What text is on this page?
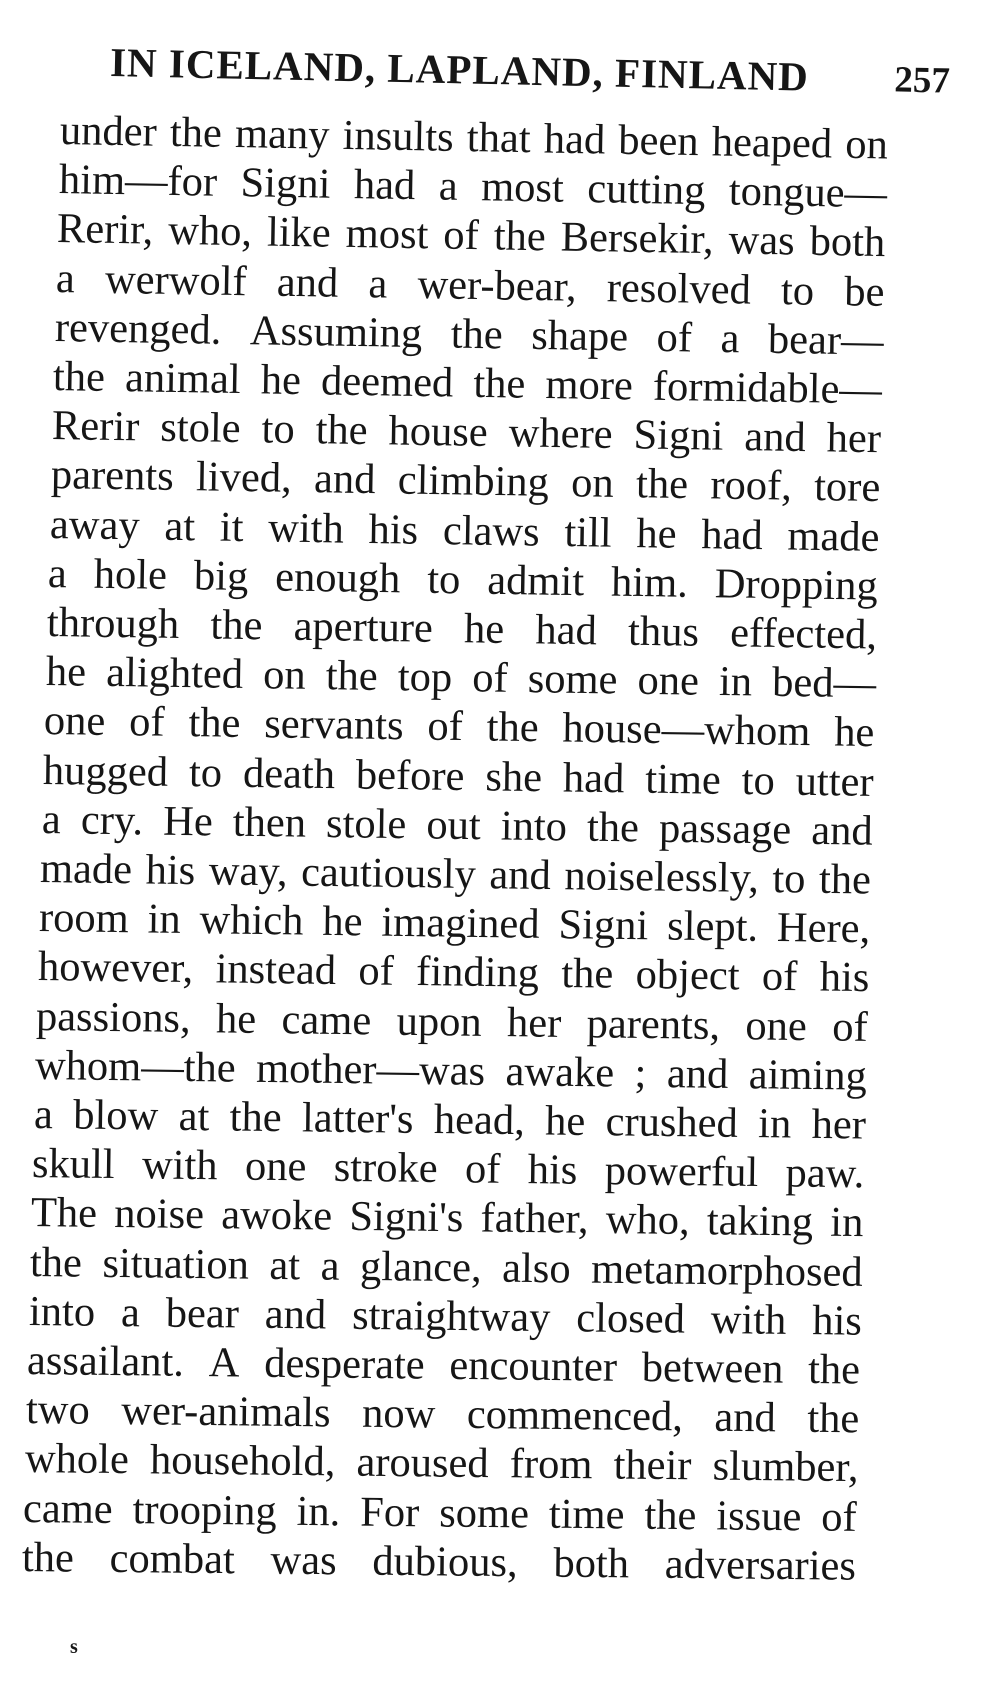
IN ICELAND, LAPLAND, FINLAND 257
under the many insults that had been heaped on
him—for Signi had a most cutting tongue—
Rerir, who, like most of the Bersekir, was both
a werwolf and a wer-bear, resolved to be
revenged. Assuming the shape of a bear—
the animal he deemed the more formidable—
Rerir stole to the house where Signi and her
parents lived, and climbing on the roof, tore
away at it with his claws till he had made
a hole big enough to admit him. Dropping
through the aperture he had thus effected,
he alighted on the top of some one in bed—
one of the servants of the house—whom he
hugged to death before she had time to utter
a cry. He then stole out into the passage and
made his way, cautiously and noiselessly, to the
room in which he imagined Signi slept. Here,
however, instead of finding the object of his
passions, he came upon her parents, one of
whom—the mother—was awake ; and aiming
a blow at the latter's head, he crushed in her
skull with one stroke of his powerful paw.
The noise awoke Signi's father, who, taking in
the situation at a glance, also metamorphosed
into a bear and straightway closed with his
assailant. A desperate encounter between the
two wer-animals now commenced, and the
whole household, aroused from their slumber,
came trooping in. For some time the issue of
the combat was dubious, both adversaries
s
